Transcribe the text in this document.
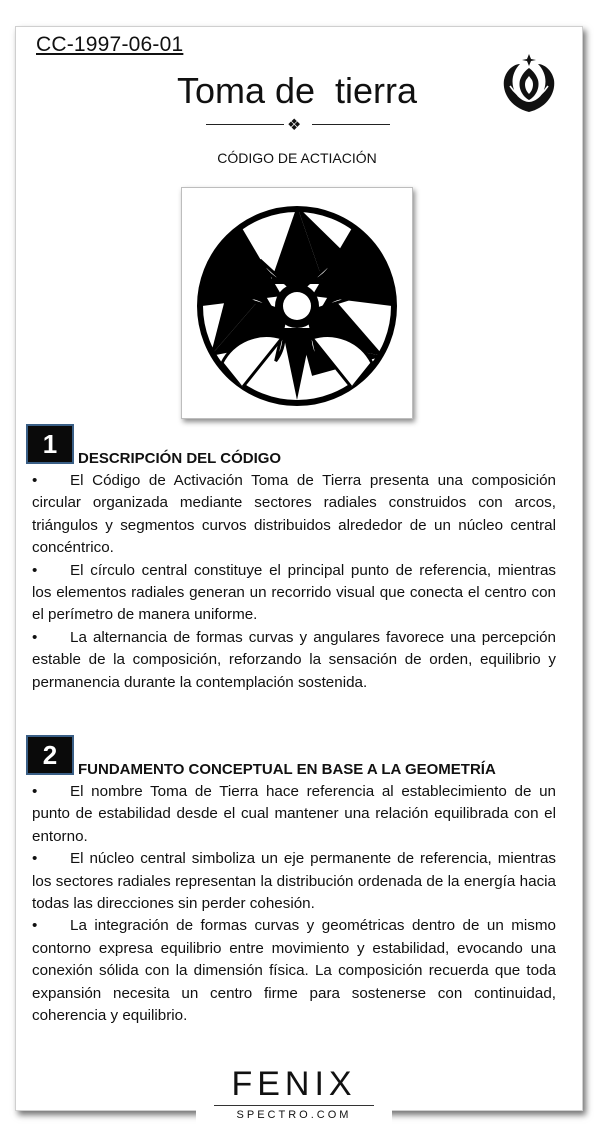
CC-1997-06-01
Toma de  tierra
❖
CÓDIGO DE ACTIACIÓN
1	DESCRIPCIÓN DEL CÓDIGO

• El Código de Activación Toma de Tierra presenta una composición circular organizada mediante sectores radiales construidos con arcos, triángulos y segmentos curvos distribuidos alrededor de un núcleo central concéntrico.

• El círculo central constituye el principal punto de referencia, mientras los elementos radiales generan un recorrido visual que conecta el centro con el perímetro de manera uniforme.

• La alternancia de formas curvas y angulares favorece una percepción estable de la composición, reforzando la sensación de orden, equilibrio y permanencia durante la contemplación sostenida.

2	FUNDAMENTO CONCEPTUAL EN BASE A LA GEOMETRÍA

• El nombre Toma de Tierra hace referencia al establecimiento de un punto de estabilidad desde el cual mantener una relación equilibrada con el entorno.

• El núcleo central simboliza un eje permanente de referencia, mientras los sectores radiales representan la distribución ordenada de la energía hacia todas las direcciones sin perder cohesión.

• La integración de formas curvas y geométricas dentro de un mismo contorno expresa equilibrio entre movimiento y estabilidad, evocando una conexión sólida con la dimensión física. La composición recuerda que toda expansión necesita un centro firme para sostenerse con continuidad, coherencia y equilibrio.

FENIX
SPECTRO.COM
